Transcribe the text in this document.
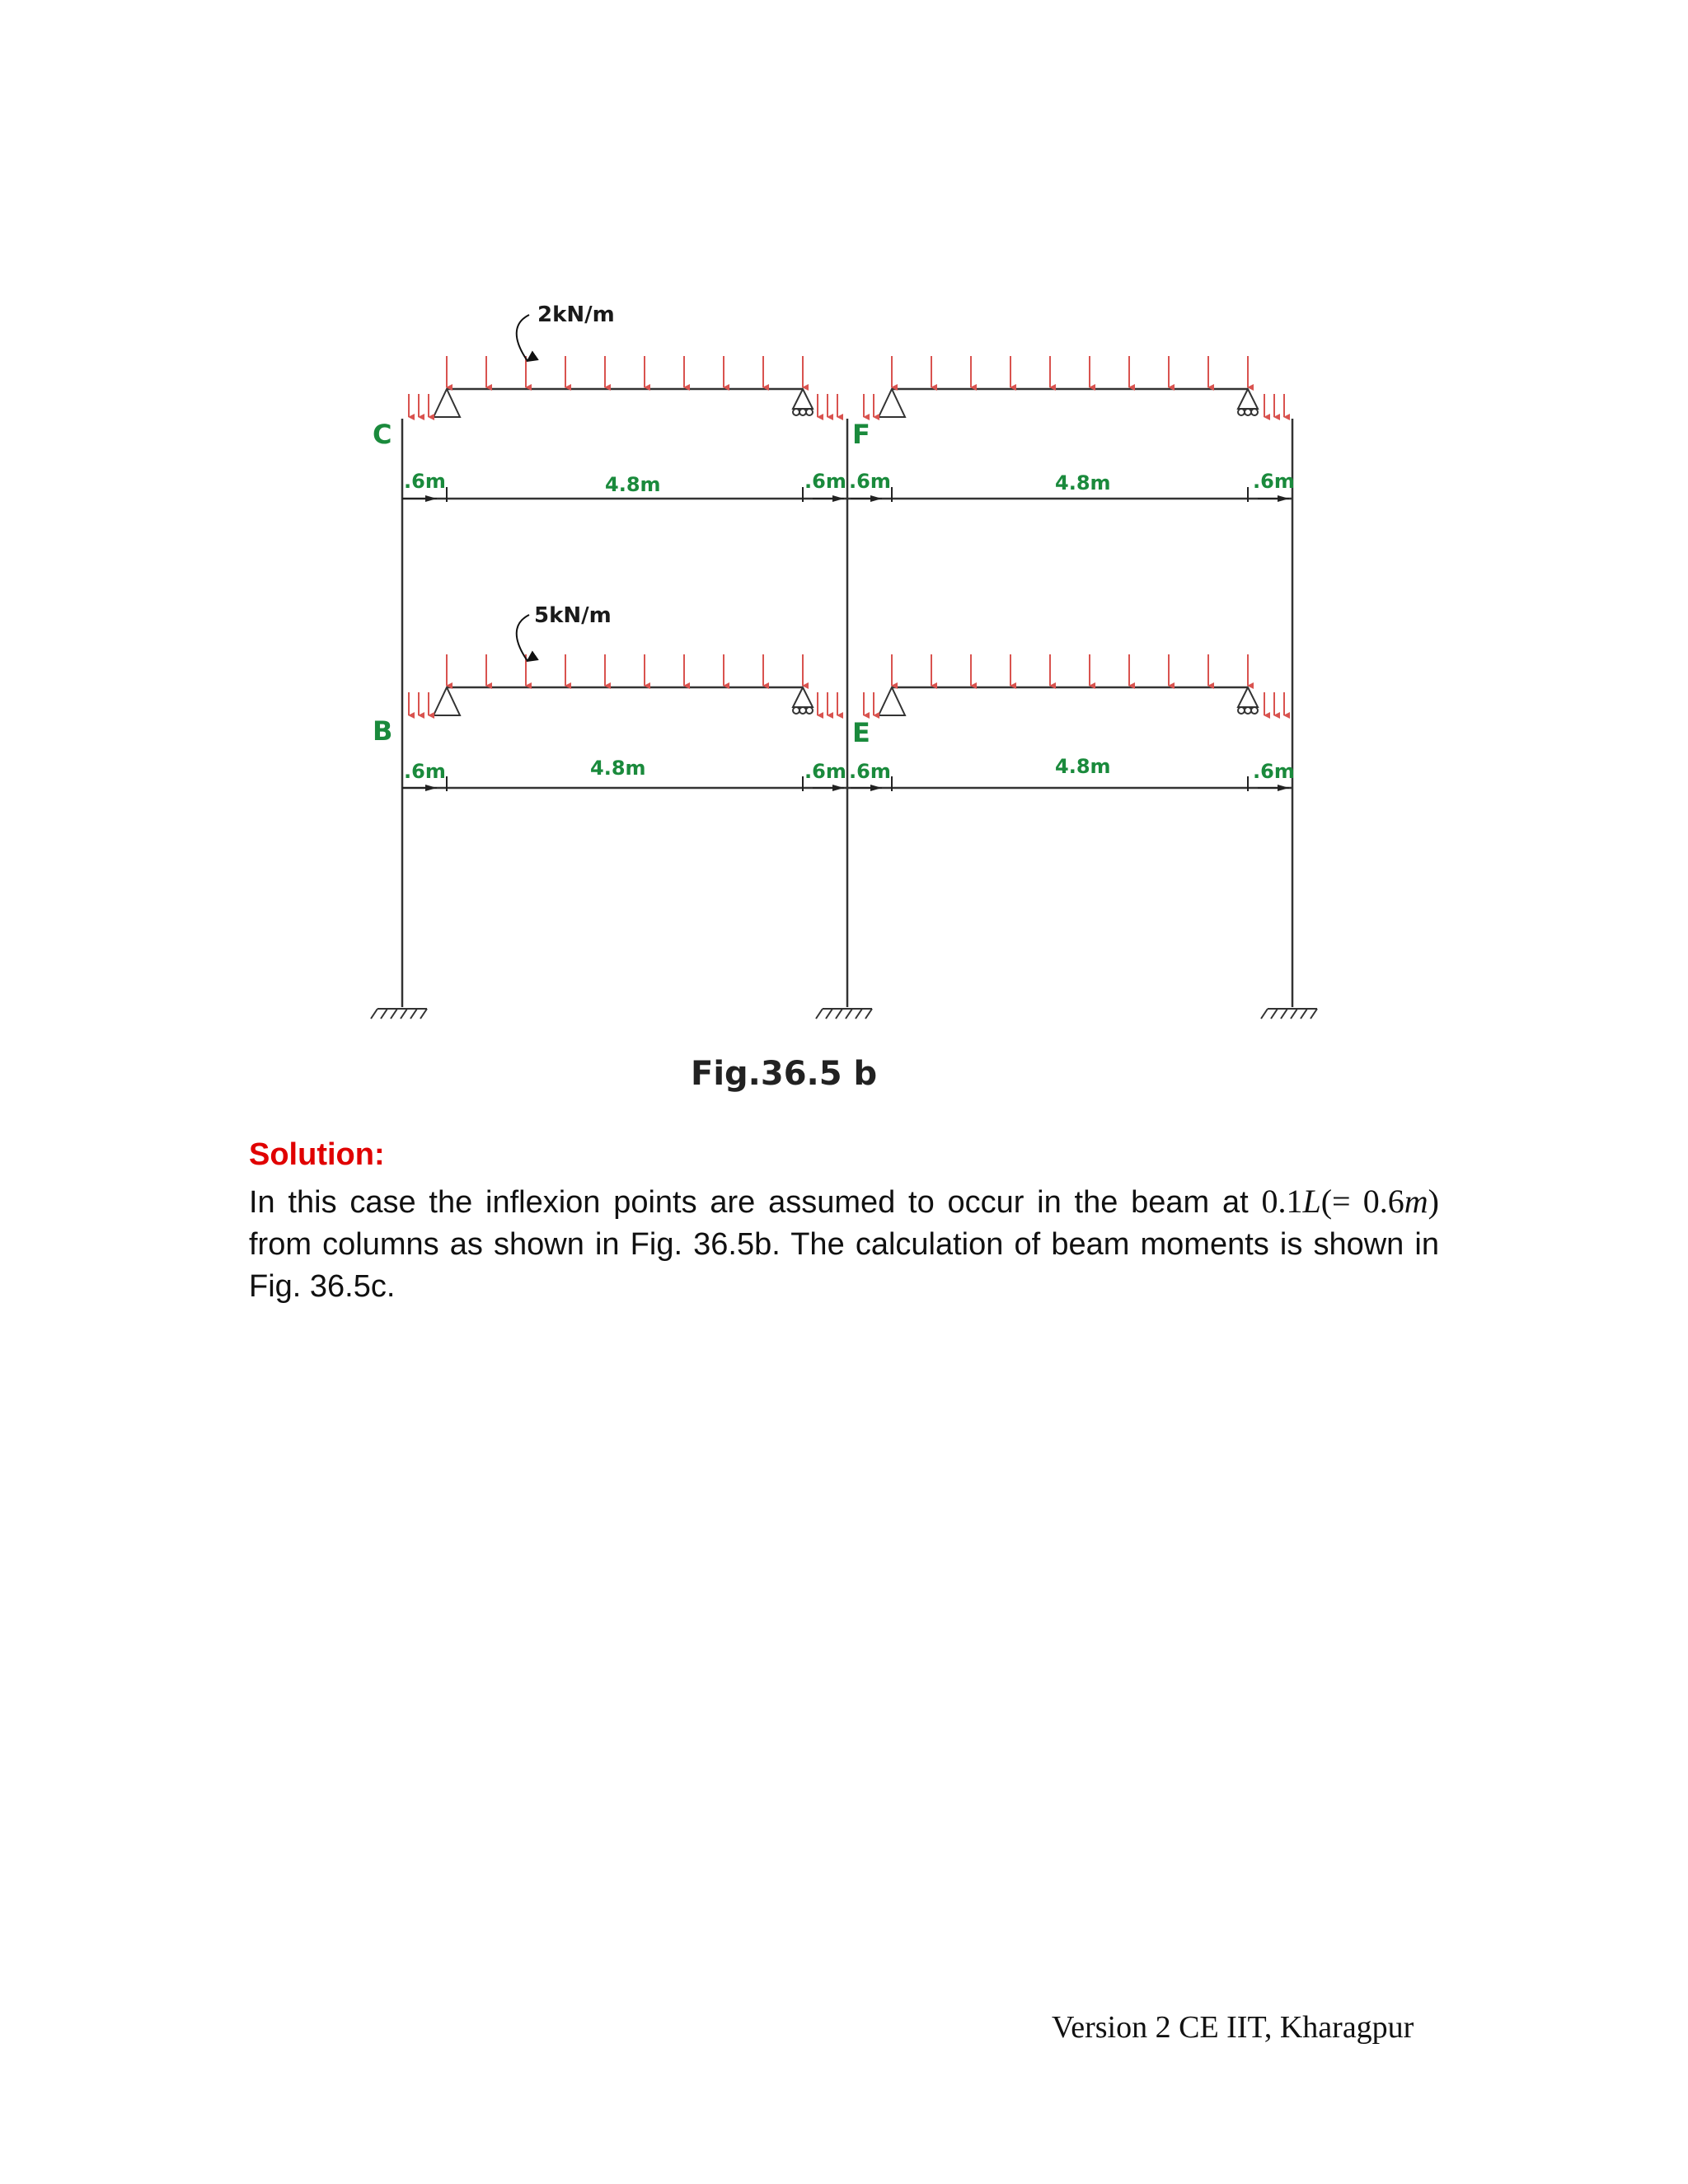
2kN/m
5kN/m
C	F
B	E
.6m	4.8m	.6m .6m	4.8m	.6m
.6m	4.8m	.6m .6m	4.8m	.6m

Fig.36.5 b

Solution:

In this case the inflexion points are assumed to occur in the beam at 0.1L(= 0.6m) from columns as shown in Fig. 36.5b. The calculation of beam moments is shown in Fig. 36.5c.

Version 2 CE IIT, Kharagpur
